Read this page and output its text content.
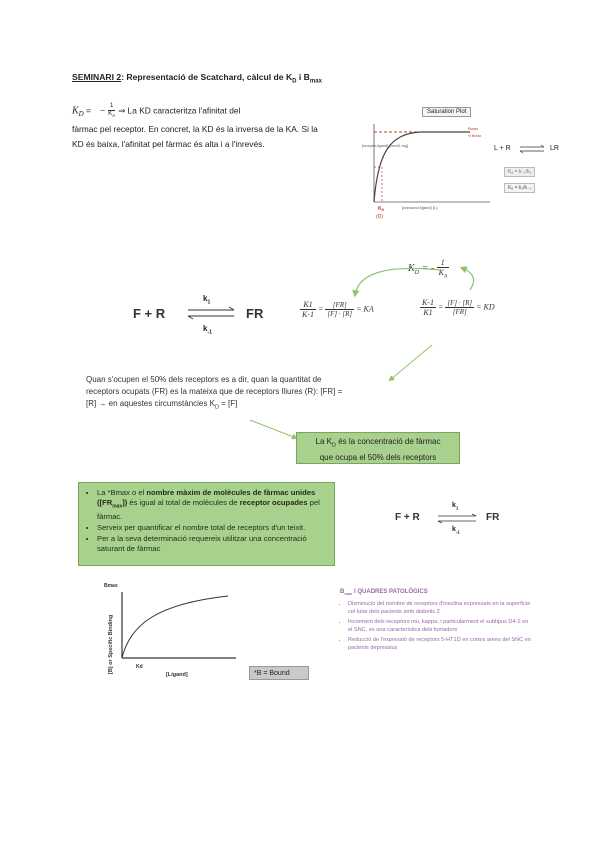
SEMINARI 2: Representació de Scatchard, càlcul de $K_D$ i $B_{max}$
$K_D$ =    − $\frac{1}{K_A}$ ⇒ La KD caracteritza l'afinitat del
fàrmac pel receptor. En concret, la KD és la inversa de la KA. Si la KD és baixa, l'afinitat pel fàrmac és alta i a l'inrevés.
Saturation Plot
[receptor-ligand] [nmol/L·mg]
[unbound ligand] (L)
Bmax
½ Bmax
$K_D$
(D)
L + R	LR
Kₐ = k₋₁/k₁
Kₑ = k₁/k₋₁
$K_D$ = - $\frac{1}{K_A}$
F + R
$k_1$
$k_{-1}$
FR	$\frac{K1}{K-1} = \frac{[FR]}{[F] \cdot [R]}$ = KA	$\frac{K-1}{K1} = \frac{[F] \cdot [R]}{[FR]}$ = KD
Quan s'ocupen el 50% dels receptors es a dir, quan la quantitat de
receptors ocupats (FR) es la mateixa que de receptors lliures (R): [FR] =
[R] → en aquestes circumstàncies $K_D = [F]$
La $K_D$ és la concentració de fàrmac
que ocupa el 50% dels receptors
• La *Bmax o el nombre màxim de molècules de fàrmac unides $([FR_{max}])$ és igual al total de molècules de receptor ocupades pel fàrmac.
• Serveix per quantificar el nombre total de receptors d'un teixit.
• Per a la seva determinació requereix utilitzar una concentració saturant de fàrmac
F + R
$k_1$
$k_{-1}$
FR
Bmax
Kd
[Ligand]
[B] or Specific Binding	*B = Bound
$B_{max}$ I QUADRES PATOLÒGICS
• Disminució del nombre de receptors d'insulina expressats en la superfície cel·lular dels pacients amb diabetis 2
• Increment dels receptors mu, kappa, i particularment el subtipus D4-2 en el SNC, es una característica dels fumadors
• Reducció de l'expressió de receptors 5-HT1D en cortes arees del SNC en pacients depressius
